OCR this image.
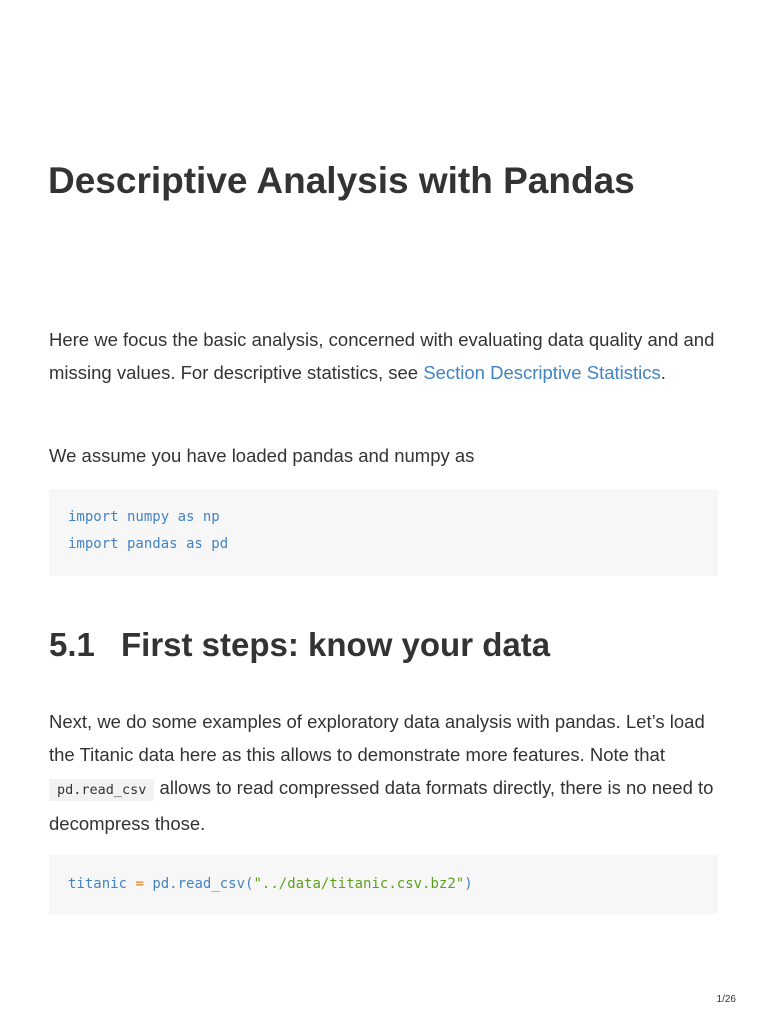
Descriptive Analysis with Pandas

Here we focus the basic analysis, concerned with evaluating data quality and and missing values. For descriptive statistics, see Section Descriptive Statistics.

We assume you have loaded pandas and numpy as

import numpy as np
import pandas as pd
5.1 First steps: know your data

Next, we do some examples of exploratory data analysis with pandas. Let’s load the Titanic data here as this allows to demonstrate more features. Note that pd.read_csv allows to read compressed data formats directly, there is no need to decompress those.

titanic = pd.read_csv("../data/titanic.csv.bz2")
1/26
